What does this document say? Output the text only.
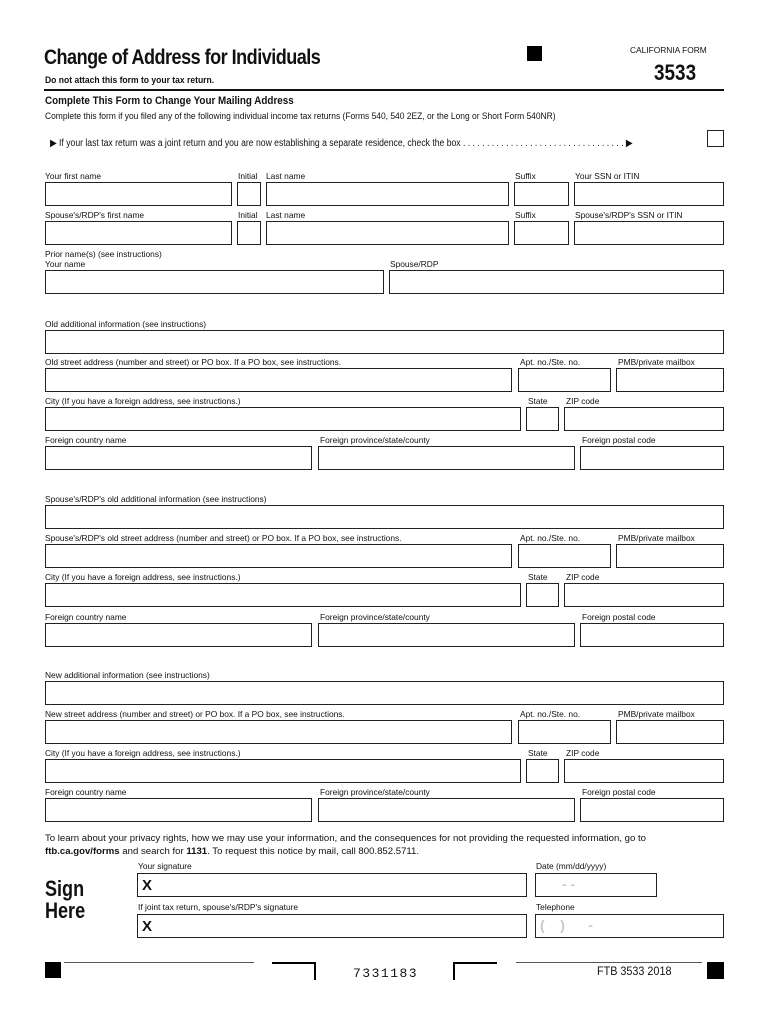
Change of Address for Individuals
Do not attach this form to your tax return.
CALIFORNIA FORM
3533
Complete This Form to Change Your Mailing Address
Complete this form if you filed any of the following individual income tax returns (Forms 540, 540 2EZ, or the Long or Short Form 540NR)
▶ If your last tax return was a joint return and you are now establishing a separate residence, check the box . . . . . . . . . . . . . . . . . . . . . . . . . . . . . . . . . . ▶
Your first name	Initial Last name	Suffix	Your SSN or ITIN
Spouse's/RDP's first name	Initial Last name	Suffix	Spouse's/RDP's SSN or ITIN
Prior name(s) (see instructions)
Your name	Spouse/RDP
Old additional information (see instructions)
Old street address (number and street) or PO box. If a PO box, see instructions.	Apt. no./Ste. no.	PMB/private mailbox
City (If you have a foreign address, see instructions.)	State ZIP code
Foreign country name	Foreign province/state/county	Foreign postal code
Spouse's/RDP's old additional information (see instructions)
Spouse's/RDP's old street address (number and street) or PO box. If a PO box, see instructions.	Apt. no./Ste. no.	PMB/private mailbox
City (If you have a foreign address, see instructions.)	State ZIP code
Foreign country name	Foreign province/state/county	Foreign postal code
New additional information (see instructions)
New street address (number and street) or PO box. If a PO box, see instructions.	Apt. no./Ste. no.	PMB/private mailbox
City (If you have a foreign address, see instructions.)	State ZIP code
Foreign country name	Foreign province/state/county	Foreign postal code
To learn about your privacy rights, how we may use your information, and the consequences for not providing the requested information, go to
ftb.ca.gov/forms and search for 1131. To request this notice by mail, call 800.852.5711.
Sign Here
Your signature	Date (mm/dd/yyyy)
X	- -
If joint tax return, spouse's/RDP's signature	Telephone
X	(    )      -
7331183	FTB 3533 2018
